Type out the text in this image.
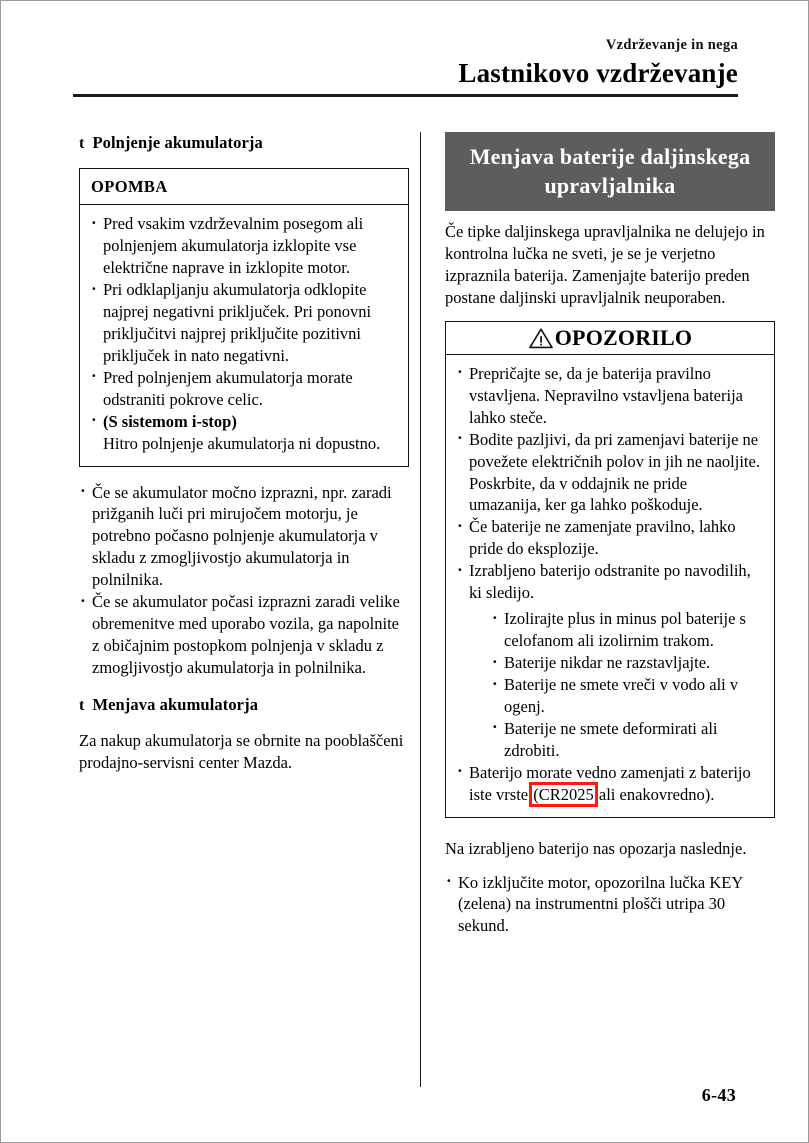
Vzdrževanje in nega
Lastnikovo vzdrževanje
t Polnjenje akumulatorja
OPOMBA
· Pred vsakim vzdrževalnim posegom ali polnjenjem akumulatorja izklopite vse električne naprave in izklopite motor.
· Pri odklapljanju akumulatorja odklopite najprej negativni priključek. Pri ponovni priključitvi najprej priključite pozitivni priključek in nato negativni.
· Pred polnjenjem akumulatorja morate odstraniti pokrove celic.
· (S sistemom i-stop)
Hitro polnjenje akumulatorja ni dopustno.
· Če se akumulator močno izprazni, npr. zaradi prižganih luči pri mirujočem motorju, je potrebno počasno polnjenje akumulatorja v skladu z zmogljivostjo akumulatorja in polnilnika.
· Če se akumulator počasi izprazni zaradi velike obremenitve med uporabo vozila, ga napolnite z običajnim postopkom polnjenja v skladu z zmogljivostjo akumulatorja in polnilnika.
t Menjava akumulatorja

Za nakup akumulatorja se obrnite na pooblaščeni prodajno-servisni center Mazda.

Menjava baterije daljinskega upravljalnika

Če tipke daljinskega upravljalnika ne delujejo in kontrolna lučka ne sveti, je se je verjetno izpraznila baterija. Zamenjajte baterijo preden postane daljinski upravljalnik neuporaben.

OPOZORILO
· Prepričajte se, da je baterija pravilno vstavljena. Nepravilno vstavljena baterija lahko steče.
· Bodite pazljivi, da pri zamenjavi baterije ne povežete električnih polov in jih ne naoljite. Poskrbite, da v oddajnik ne pride umazanija, ker ga lahko poškoduje.
· Če baterije ne zamenjate pravilno, lahko pride do eksplozije.
· Izrabljeno baterijo odstranite po navodilih, ki sledijo.
· Izolirajte plus in minus pol baterije s celofanom ali izolirnim trakom.
· Baterije nikdar ne razstavljajte.
· Baterije ne smete vreči v vodo ali v ogenj.
· Baterije ne smete deformirati ali zdrobiti.
· Baterijo morate vedno zamenjati z baterijo iste vrste (CR2025 ali enakovredno).

Na izrabljeno baterijo nas opozarja naslednje.

· Ko izključite motor, opozorilna lučka KEY (zelena) na instrumentni plošči utripa 30 sekund.
6-43
